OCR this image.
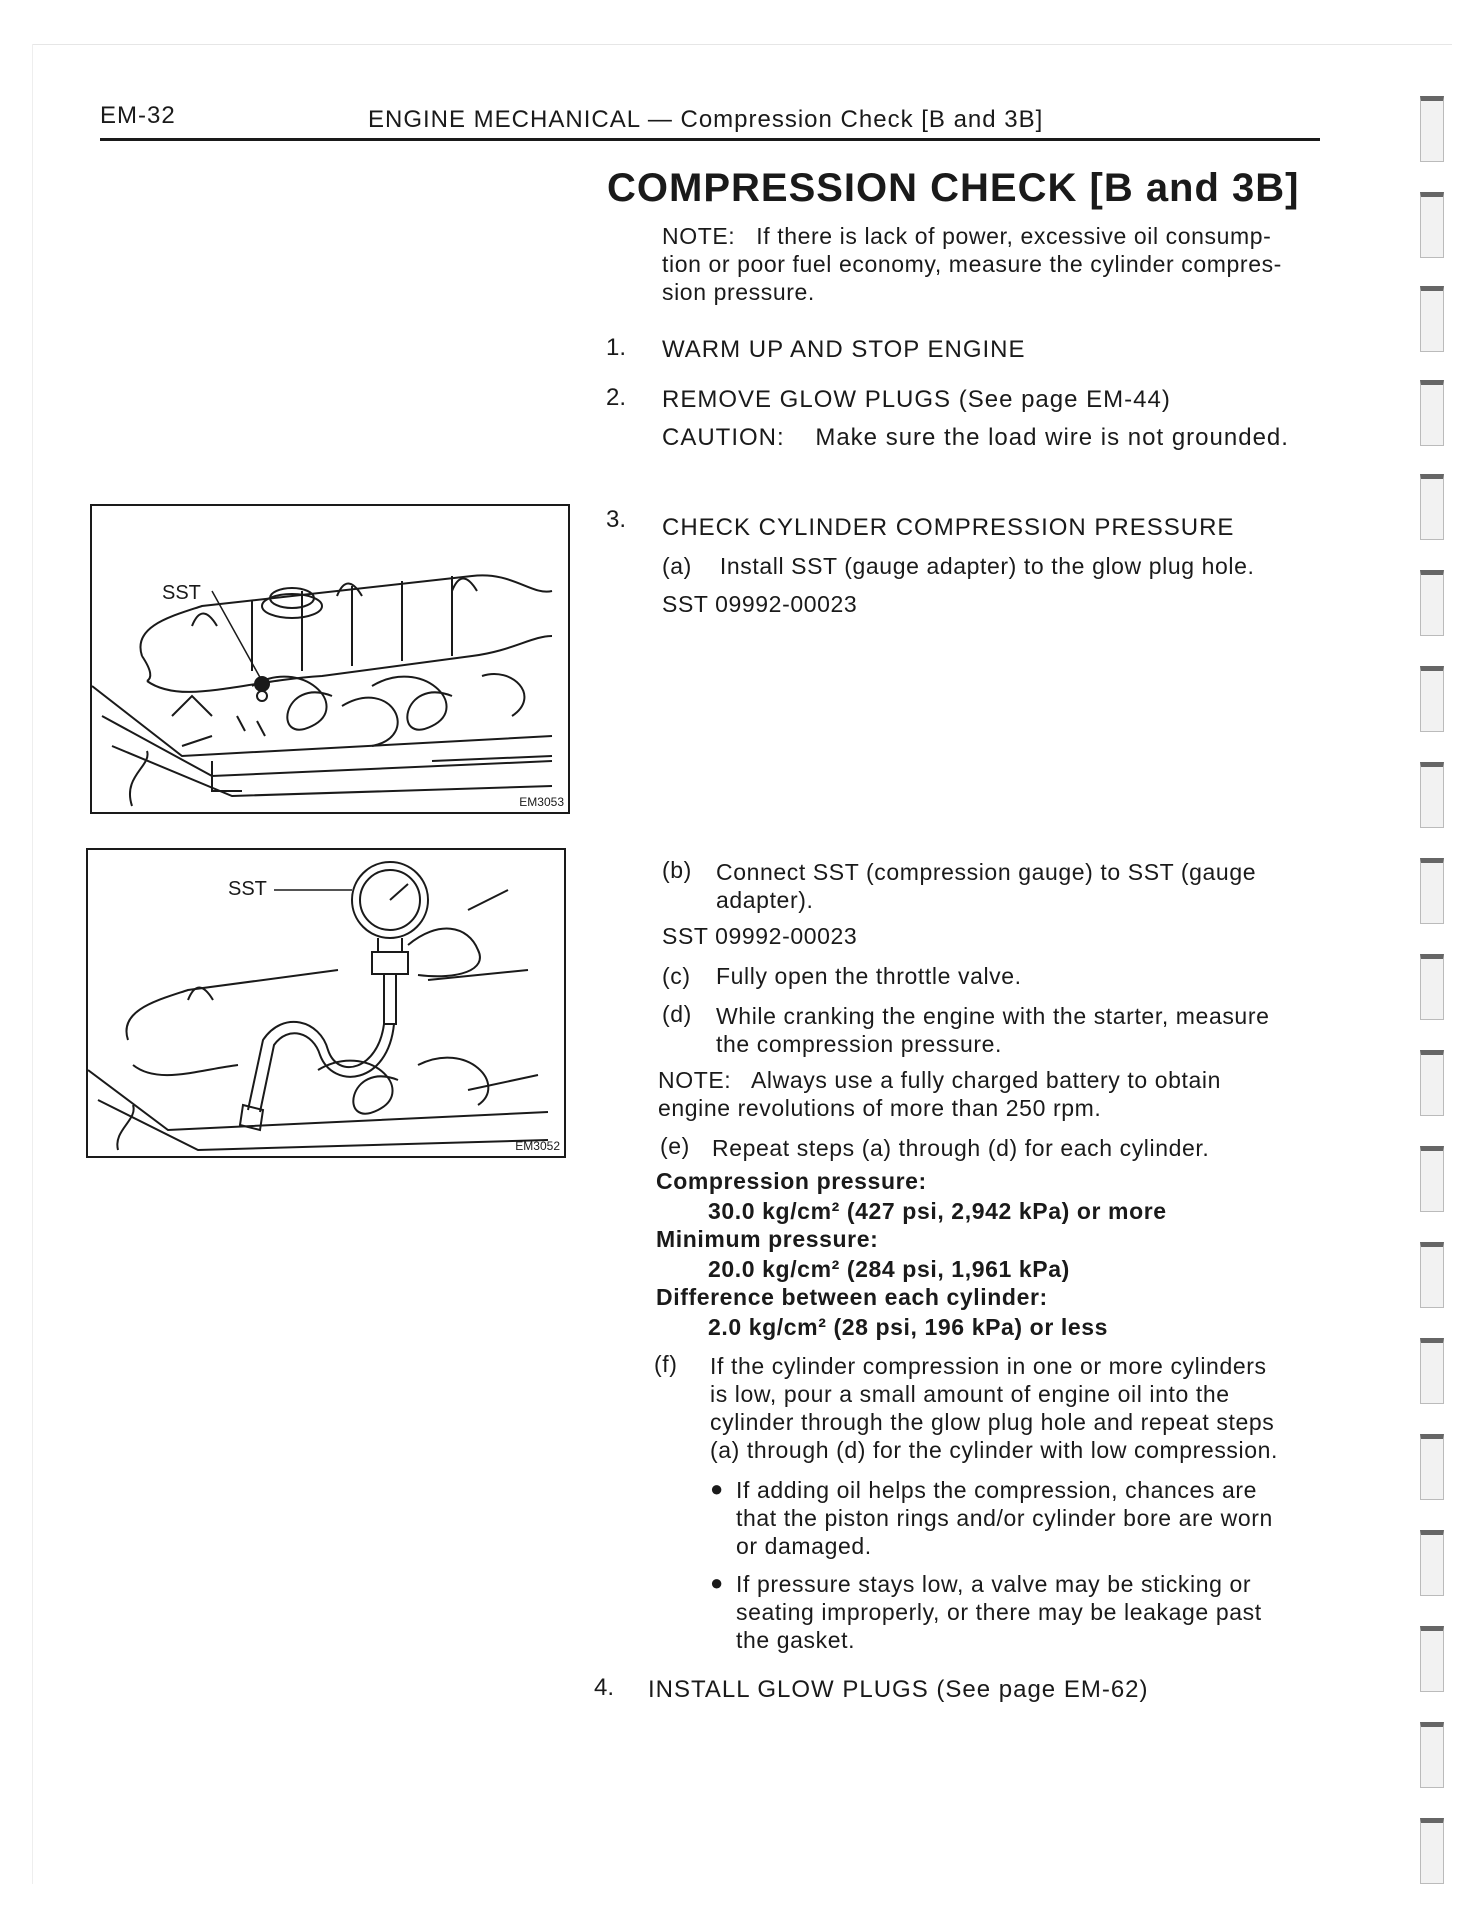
EM-32	ENGINE MECHANICAL — Compression Check [B and 3B]
COMPRESSION CHECK [B and 3B]
NOTE: If there is lack of power, excessive oil consump-
tion or poor fuel economy, measure the cylinder compres-
sion pressure.
1. WARM UP AND STOP ENGINE
2. REMOVE GLOW PLUGS (See page EM-44)
CAUTION: Make sure the load wire is not grounded.
SST
EM3053
3. CHECK CYLINDER COMPRESSION PRESSURE
(a) Install SST (gauge adapter) to the glow plug hole.
SST 09992-00023
SST
EM3052
(b) Connect SST (compression gauge) to SST (gauge
adapter).
SST 09992-00023
(c) Fully open the throttle valve.
(d) While cranking the engine with the starter, measure
the compression pressure.
NOTE: Always use a fully charged battery to obtain
engine revolutions of more than 250 rpm.
(e) Repeat steps (a) through (d) for each cylinder.
Compression pressure:
30.0 kg/cm² (427 psi, 2,942 kPa) or more
Minimum pressure:
20.0 kg/cm² (284 psi, 1,961 kPa)
Difference between each cylinder:
2.0 kg/cm² (28 psi, 196 kPa) or less
(f) If the cylinder compression in one or more cylinders
is low, pour a small amount of engine oil into the
cylinder through the glow plug hole and repeat steps
(a) through (d) for the cylinder with low compression.
● If adding oil helps the compression, chances are
that the piston rings and/or cylinder bore are worn
or damaged.
● If pressure stays low, a valve may be sticking or
seating improperly, or there may be leakage past
the gasket.
4. INSTALL GLOW PLUGS (See page EM-62)
